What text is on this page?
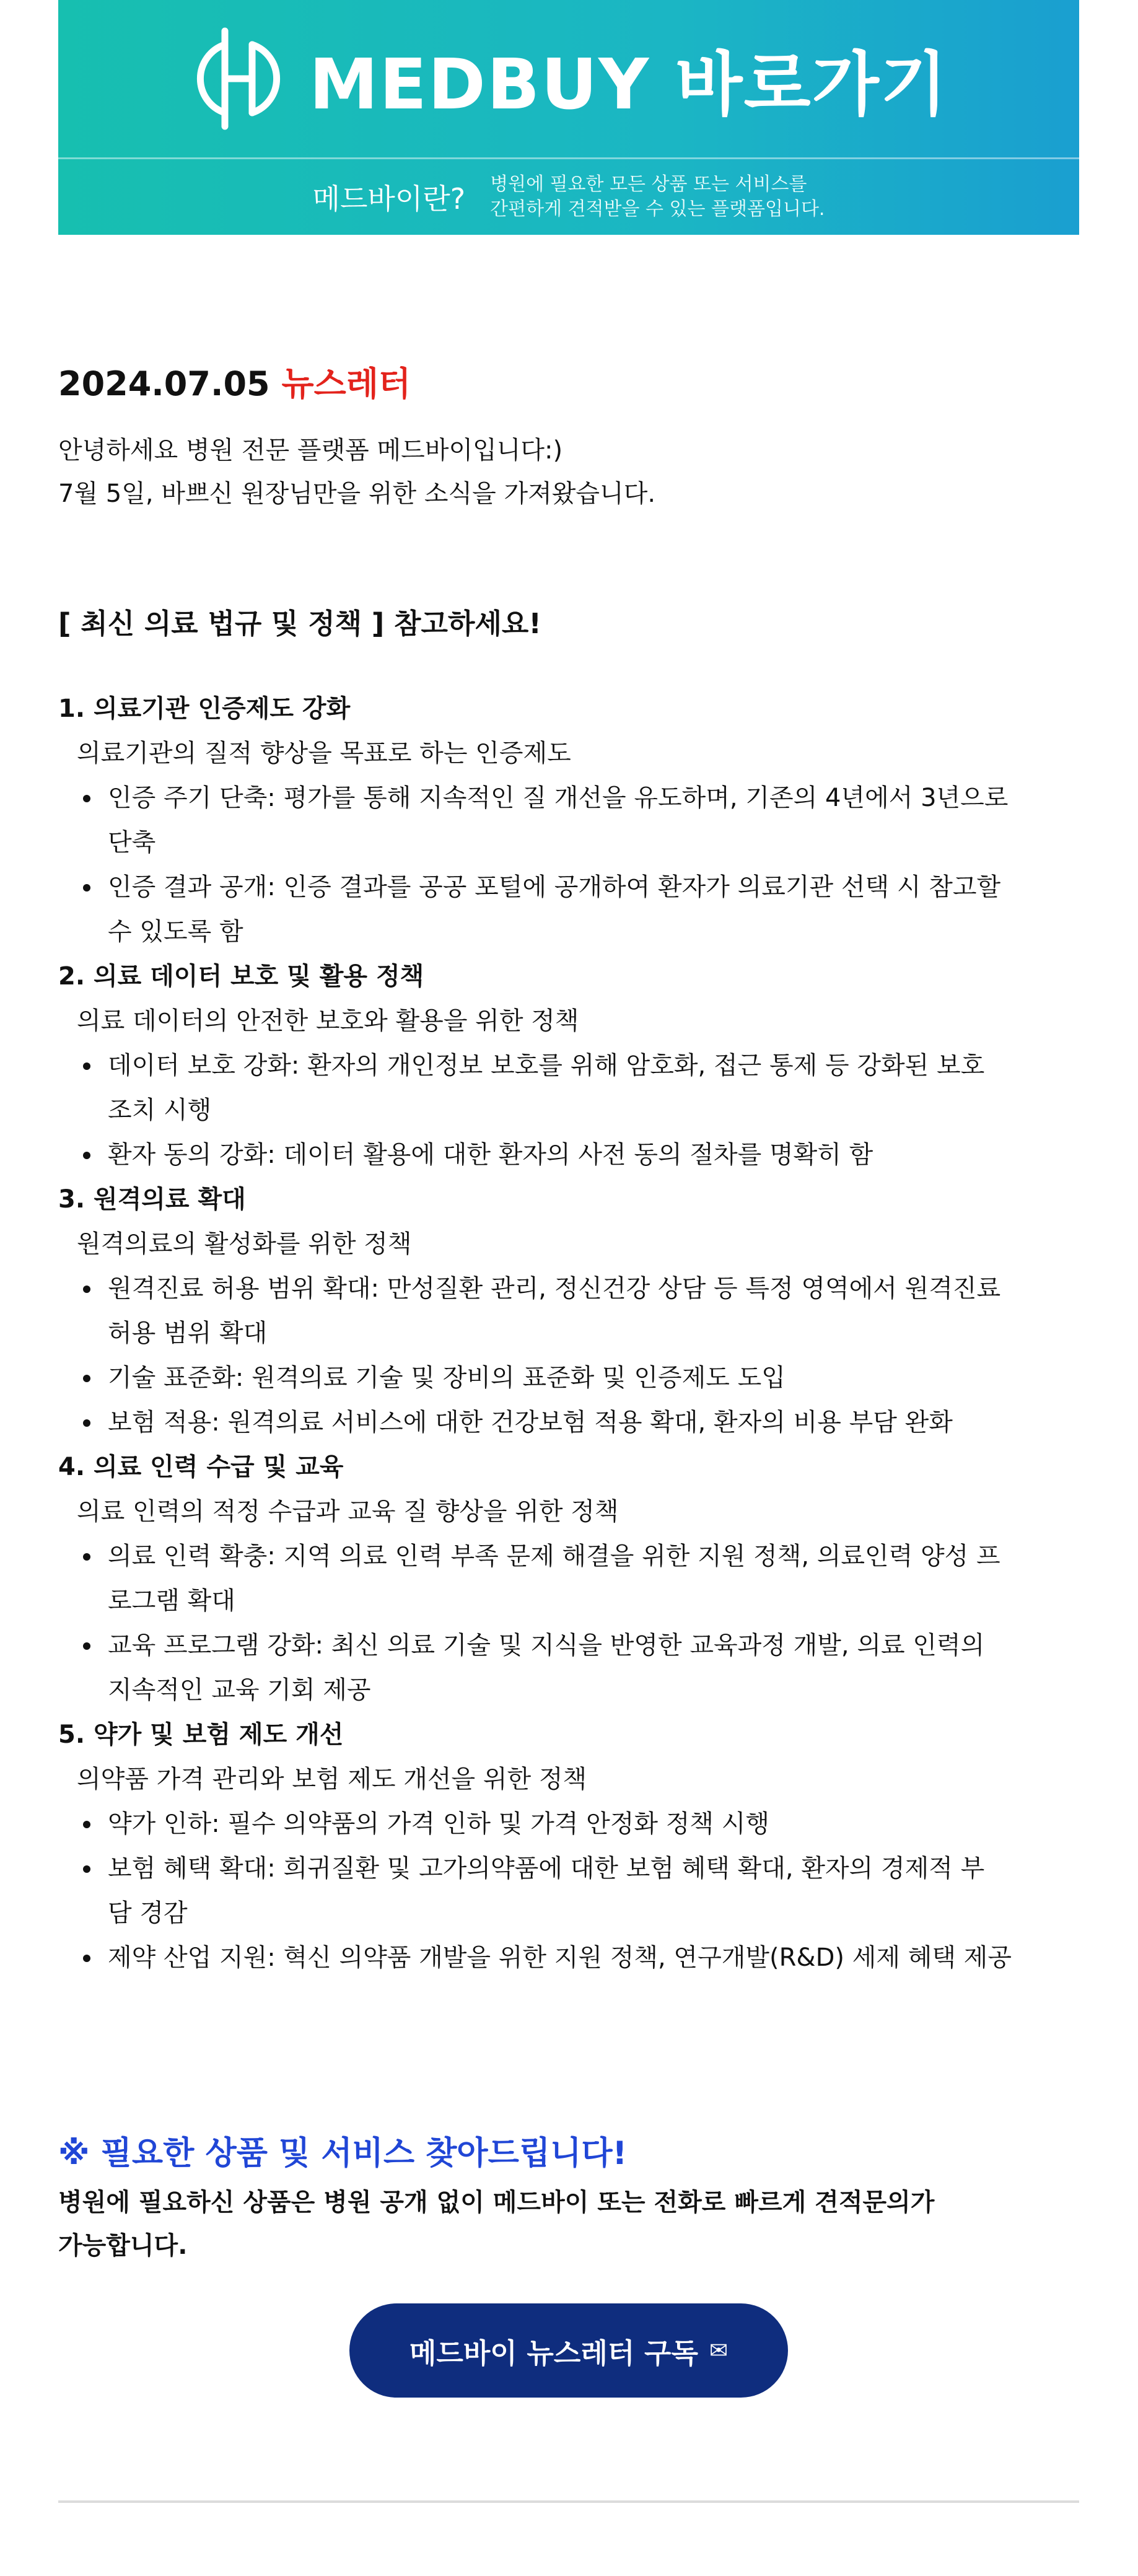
MEDBUY 바로가기
메드바이란? 병원에 필요한 모든 상품 또는 서비스를
간편하게 견적받을 수 있는 플랫폼입니다.
2024.07.05 뉴스레터
안녕하세요 병원 전문 플랫폼 메드바이입니다:)
7월 5일, 바쁘신 원장님만을 위한 소식을 가져왔습니다.
[ 최신 의료 법규 및 정책 ] 참고하세요!
1. 의료기관 인증제도 강화
의료기관의 질적 향상을 목표로 하는 인증제도
인증 주기 단축: 평가를 통해 지속적인 질 개선을 유도하며, 기존의 4년에서 3년으로
단축
인증 결과 공개: 인증 결과를 공공 포털에 공개하여 환자가 의료기관 선택 시 참고할
수 있도록 함
2. 의료 데이터 보호 및 활용 정책
의료 데이터의 안전한 보호와 활용을 위한 정책
데이터 보호 강화: 환자의 개인정보 보호를 위해 암호화, 접근 통제 등 강화된 보호
조치 시행
환자 동의 강화: 데이터 활용에 대한 환자의 사전 동의 절차를 명확히 함
3. 원격의료 확대
원격의료의 활성화를 위한 정책
원격진료 허용 범위 확대: 만성질환 관리, 정신건강 상담 등 특정 영역에서 원격진료
허용 범위 확대
기술 표준화: 원격의료 기술 및 장비의 표준화 및 인증제도 도입
보험 적용: 원격의료 서비스에 대한 건강보험 적용 확대, 환자의 비용 부담 완화
4. 의료 인력 수급 및 교육
의료 인력의 적정 수급과 교육 질 향상을 위한 정책
의료 인력 확충: 지역 의료 인력 부족 문제 해결을 위한 지원 정책, 의료인력 양성 프
로그램 확대
교육 프로그램 강화: 최신 의료 기술 및 지식을 반영한 교육과정 개발, 의료 인력의
지속적인 교육 기회 제공
5. 약가 및 보험 제도 개선
의약품 가격 관리와 보험 제도 개선을 위한 정책
약가 인하: 필수 의약품의 가격 인하 및 가격 안정화 정책 시행
보험 혜택 확대: 희귀질환 및 고가의약품에 대한 보험 혜택 확대, 환자의 경제적 부
담 경감
제약 산업 지원: 혁신 의약품 개발을 위한 지원 정책, 연구개발(R&D) 세제 혜택 제공
※ 필요한 상품 및 서비스 찾아드립니다!
병원에 필요하신 상품은 병원 공개 없이 메드바이 또는 전화로 빠르게 견적문의가
가능합니다.
메드바이 뉴스레터 구독 ✉
